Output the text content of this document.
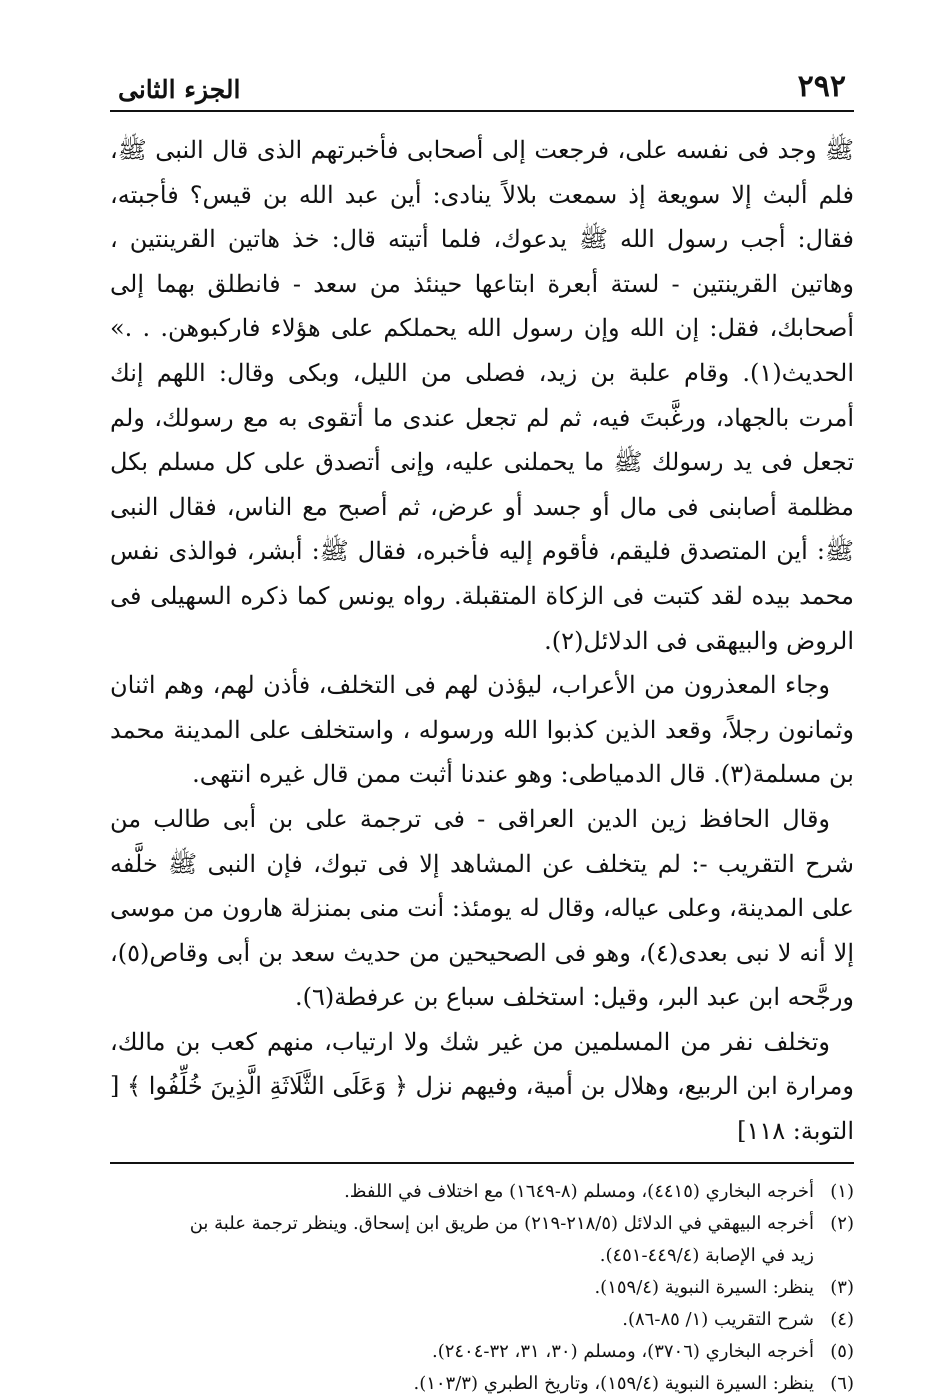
٢٩٢
الجزء الثانى

ﷺ وجد فى نفسه على، فرجعت إلى أصحابى فأخبرتهم الذى قال النبى ﷺ، فلم ألبث إلا سويعة إذ سمعت بلالاً ينادى: أين عبد الله بن قيس؟ فأجبته، فقال: أجب رسول الله ﷺ يدعوك، فلما أتيته قال: خذ هاتين القرينتين ، وهاتين القرينتين - لستة أبعرة ابتاعها حينئذ من سعد - فانطلق بهما إلى أصحابك، فقل: إن الله وإن رسول الله يحملكم على هؤلاء فاركبوهن. . .» الحديث(١). وقام علبة بن زيد، فصلى من الليل، وبكى وقال: اللهم إنك أمرت بالجهاد، ورغَّبتَ فيه، ثم لم تجعل عندى ما أتقوى به مع رسولك، ولم تجعل فى يد رسولك ﷺ ما يحملنى عليه، وإنى أتصدق على كل مسلم بكل مظلمة أصابنى فى مال أو جسد أو عرض، ثم أصبح مع الناس، فقال النبى ﷺ: أين المتصدق فليقم، فأقوم إليه فأخبره، فقال ﷺ: أبشر، فوالذى نفس محمد بيده لقد كتبت فى الزكاة المتقبلة. رواه يونس كما ذكره السهيلى فى الروض والبيهقى فى الدلائل(٢).

وجاء المعذرون من الأعراب، ليؤذن لهم فى التخلف، فأذن لهم، وهم اثنان وثمانون رجلاً، وقعد الذين كذبوا الله ورسوله ، واستخلف على المدينة محمد بن مسلمة(٣). قال الدمياطى: وهو عندنا أثبت ممن قال غيره انتهى.

وقال الحافظ زين الدين العراقى - فى ترجمة على بن أبى طالب من شرح التقريب -: لم يتخلف عن المشاهد إلا فى تبوك، فإن النبى ﷺ خلَّفه على المدينة، وعلى عياله، وقال له يومئذ: أنت منى بمنزلة هارون من موسى إلا أنه لا نبى بعدى(٤)، وهو فى الصحيحين من حديث سعد بن أبى وقاص(٥)، ورجَّحه ابن عبد البر، وقيل: استخلف سباع بن عرفطة(٦).

وتخلف نفر من المسلمين من غير شك ولا ارتياب، منهم كعب بن مالك، ومرارة ابن الربيع، وهلال بن أمية، وفيهم نزل ﴿ وَعَلَى الثَّلَاثَةِ الَّذِينَ خُلِّفُوا ﴾ [ التوبة: ١١٨]

(١)
أخرجه البخاري (٤٤١٥)، ومسلم (٨-١٦٤٩) مع اختلاف في اللفظ.
(٢)
أخرجه البيهقي في الدلائل (٢١٨/٥-٢١٩) من طريق ابن إسحاق. وينظر ترجمة علبة بن
زيد في الإصابة (٤٤٩/٤-٤٥١).
(٣)
ينظر: السيرة النبوية (١٥٩/٤).
(٤)
شرح التقريب (١/ ٨٥-٨٦).
(٥)
أخرجه البخاري (٣٧٠٦)، ومسلم (٣٠، ٣١، ٣٢-٢٤٠٤).
(٦)
ينظر: السيرة النبوية (١٥٩/٤)، وتاريخ الطبري (١٠٣/٣).
